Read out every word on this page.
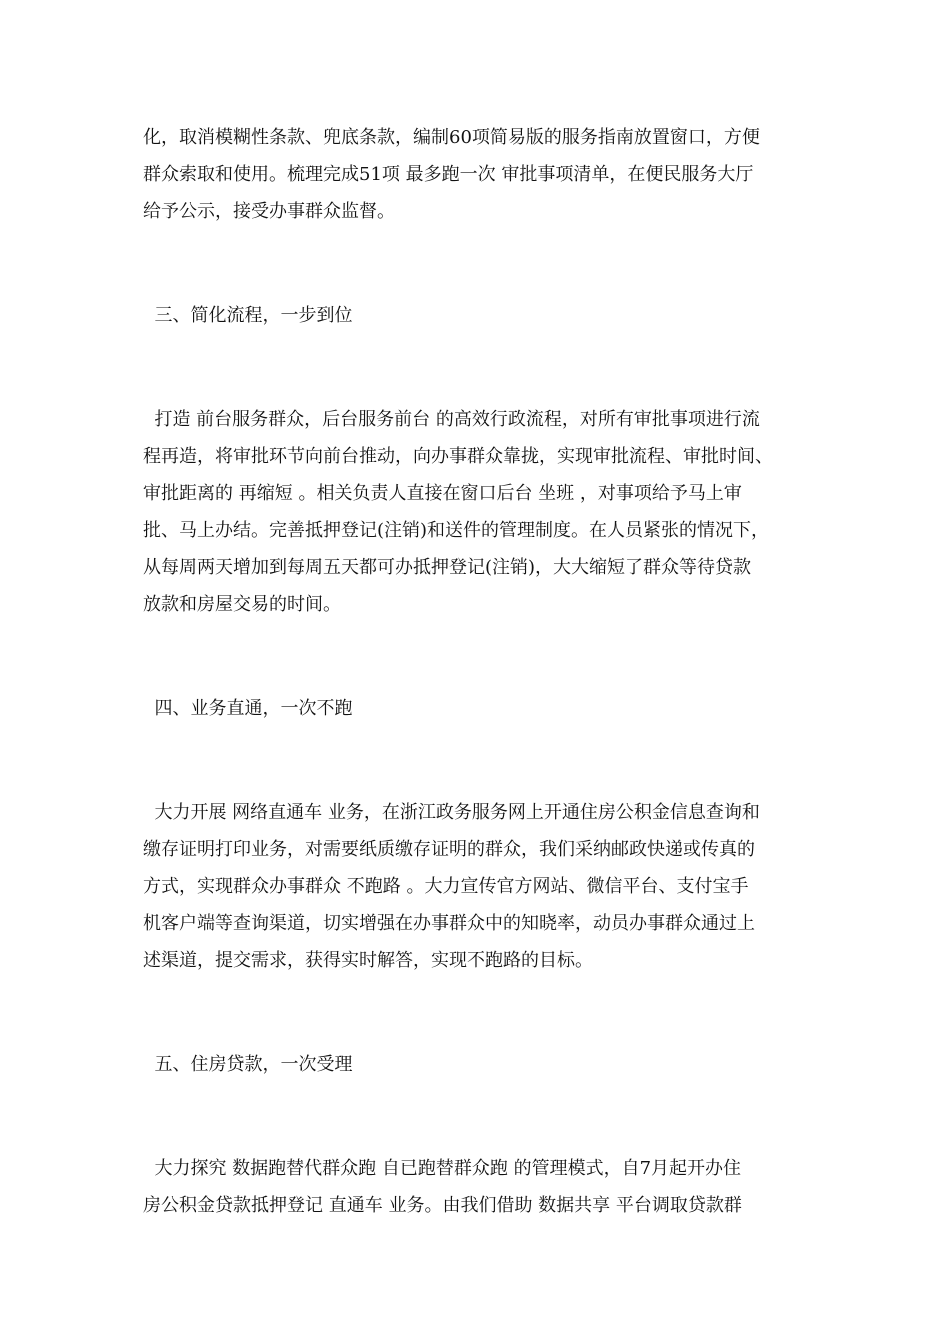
化，取消模糊性条款、兜底条款，编制60项简易版的服务指南放置窗口，方便
群众索取和使用。梳理完成51项 最多跑一次 审批事项清单，在便民服务大厅
给予公示，接受办事群众监督。
三、简化流程，一步到位
打造 前台服务群众，后台服务前台 的高效行政流程，对所有审批事项进行流
程再造，将审批环节向前台推动，向办事群众靠拢，实现审批流程、审批时间、
审批距离的 再缩短 。相关负责人直接在窗口后台 坐班 ，对事项给予马上审
批、马上办结。完善抵押登记(注销)和送件的管理制度。在人员紧张的情况下，
从每周两天增加到每周五天都可办抵押登记(注销)，大大缩短了群众等待贷款
放款和房屋交易的时间。
四、业务直通，一次不跑
大力开展 网络直通车 业务，在浙江政务服务网上开通住房公积金信息查询和
缴存证明打印业务，对需要纸质缴存证明的群众，我们采纳邮政快递或传真的
方式，实现群众办事群众 不跑路 。大力宣传官方网站、微信平台、支付宝手
机客户端等查询渠道，切实增强在办事群众中的知晓率，动员办事群众通过上
述渠道，提交需求，获得实时解答，实现不跑路的目标。
五、住房贷款，一次受理
大力探究 数据跑替代群众跑 自已跑替群众跑 的管理模式，自7月起开办住
房公积金贷款抵押登记 直通车 业务。由我们借助 数据共享 平台调取贷款群
